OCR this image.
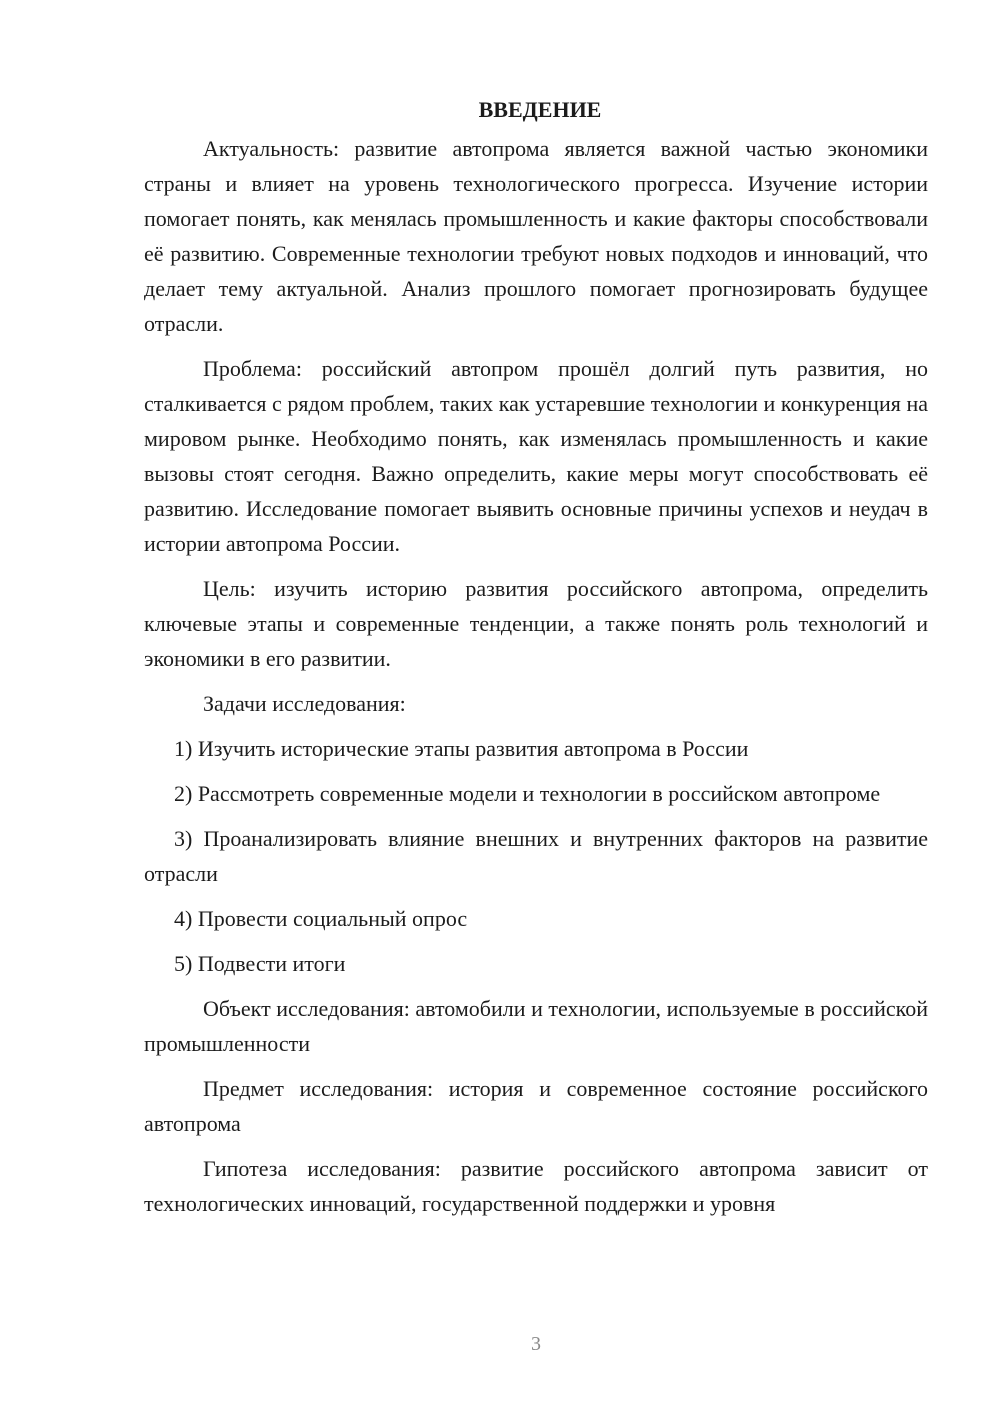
ВВЕДЕНИЕ

Актуальность: развитие автопрома является важной частью экономики страны и влияет на уровень технологического прогресса. Изучение истории помогает понять, как менялась промышленность и какие факторы способствовали её развитию. Современные технологии требуют новых подходов и инноваций, что делает тему актуальной. Анализ прошлого помогает прогнозировать будущее отрасли.

Проблема: российский автопром прошёл долгий путь развития, но сталкивается с рядом проблем, таких как устаревшие технологии и конкуренция на мировом рынке. Необходимо понять, как изменялась промышленность и какие вызовы стоят сегодня. Важно определить, какие меры могут способствовать её развитию. Исследование помогает выявить основные причины успехов и неудач в истории автопрома России.

Цель: изучить историю развития российского автопрома, определить ключевые этапы и современные тенденции, а также понять роль технологий и экономики в его развитии.

Задачи исследования:

1) Изучить исторические этапы развития автопрома в России

2) Рассмотреть современные модели и технологии в российском автопроме

3) Проанализировать влияние внешних и внутренних факторов на развитие отрасли

4) Провести социальный опрос

5) Подвести итоги

Объект исследования: автомобили и технологии, используемые в российской промышленности

Предмет исследования: история и современное состояние российского автопрома

Гипотеза исследования: развитие российского автопрома зависит от технологических инноваций, государственной поддержки и уровня

3
